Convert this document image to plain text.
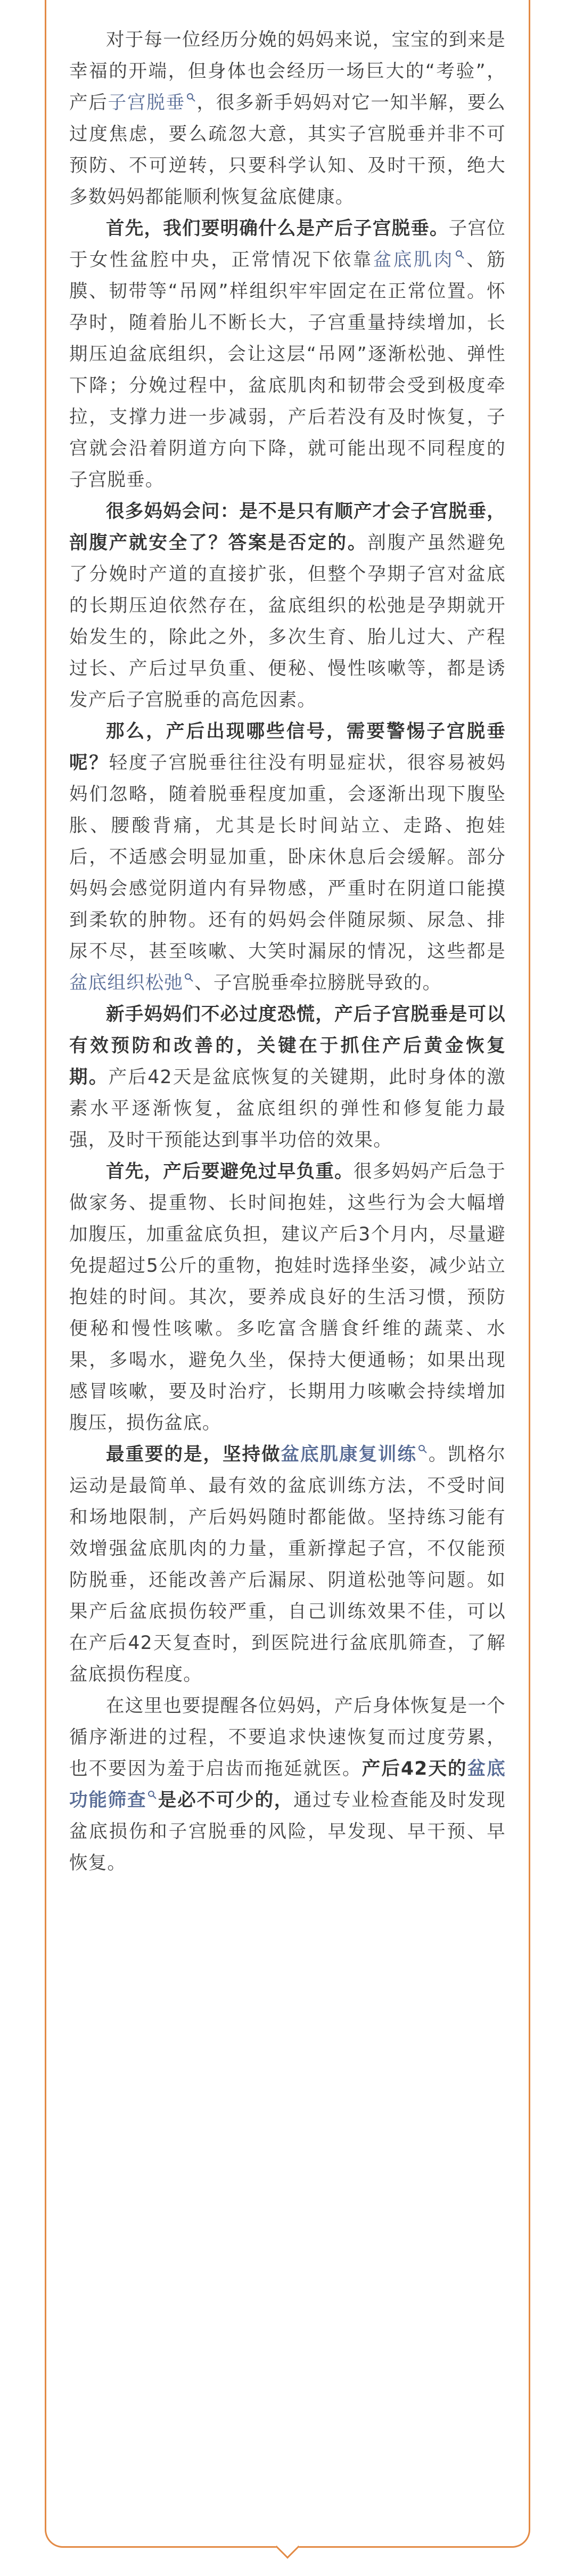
对于每一位经历分娩的妈妈来说，宝宝的到来是幸福的开端，但身体也会经历一场巨大的“考验”，产后子宫脱垂 ，很多新手妈妈对它一知半解，要么过度焦虑，要么疏忽大意，其实子宫脱垂并非不可预防、不可逆转，只要科学认知、及时干预，绝大多数妈妈都能顺利恢复盆底健康。

首先，我们要明确什么是产后子宫脱垂。子宫位于女性盆腔中央，正常情况下依靠盆底肌肉 、筋膜、韧带等“吊网”样组织牢牢固定在正常位置。怀孕时，随着胎儿不断长大，子宫重量持续增加，长期压迫盆底组织，会让这层“吊网”逐渐松弛、弹性下降；分娩过程中，盆底肌肉和韧带会受到极度牵拉，支撑力进一步减弱，产后若没有及时恢复，子宫就会沿着阴道方向下降，就可能出现不同程度的子宫脱垂。

很多妈妈会问：是不是只有顺产才会子宫脱垂，剖腹产就安全了？答案是否定的。剖腹产虽然避免了分娩时产道的直接扩张，但整个孕期子宫对盆底的长期压迫依然存在，盆底组织的松弛是孕期就开始发生的，除此之外，多次生育、胎儿过大、产程过长、产后过早负重、便秘、慢性咳嗽等，都是诱发产后子宫脱垂的高危因素。

那么，产后出现哪些信号，需要警惕子宫脱垂呢？轻度子宫脱垂往往没有明显症状，很容易被妈妈们忽略，随着脱垂程度加重，会逐渐出现下腹坠胀、腰酸背痛，尤其是长时间站立、走路、抱娃后，不适感会明显加重，卧床休息后会缓解。部分妈妈会感觉阴道内有异物感，严重时在阴道口能摸到柔软的肿物。还有的妈妈会伴随尿频、尿急、排尿不尽，甚至咳嗽、大笑时漏尿的情况，这些都是盆底组织松弛 、子宫脱垂牵拉膀胱导致的。

新手妈妈们不必过度恐慌，产后子宫脱垂是可以有效预防和改善的，关键在于抓住产后黄金恢复期。产后42天是盆底恢复的关键期，此时身体的激素水平逐渐恢复，盆底组织的弹性和修复能力最强，及时干预能达到事半功倍的效果。

首先，产后要避免过早负重。很多妈妈产后急于做家务、提重物、长时间抱娃，这些行为会大幅增加腹压，加重盆底负担，建议产后3个月内，尽量避免提超过5公斤的重物，抱娃时选择坐姿，减少站立抱娃的时间。其次，要养成良好的生活习惯，预防便秘和慢性咳嗽。多吃富含膳食纤维的蔬菜、水果，多喝水，避免久坐，保持大便通畅；如果出现感冒咳嗽，要及时治疗，长期用力咳嗽会持续增加腹压，损伤盆底。

最重要的是，坚持做盆底肌康复训练 。凯格尔运动是最简单、最有效的盆底训练方法，不受时间和场地限制，产后妈妈随时都能做。坚持练习能有效增强盆底肌肉的力量，重新撑起子宫，不仅能预防脱垂，还能改善产后漏尿、阴道松弛等问题。如果产后盆底损伤较严重，自己训练效果不佳，可以在产后42天复查时，到医院进行盆底肌筛查，了解盆底损伤程度。

在这里也要提醒各位妈妈，产后身体恢复是一个循序渐进的过程，不要追求快速恢复而过度劳累，也不要因为羞于启齿而拖延就医。产后42天的盆底功能筛查 是必不可少的，通过专业检查能及时发现盆底损伤和子宫脱垂的风险，早发现、早干预、早恢复。
